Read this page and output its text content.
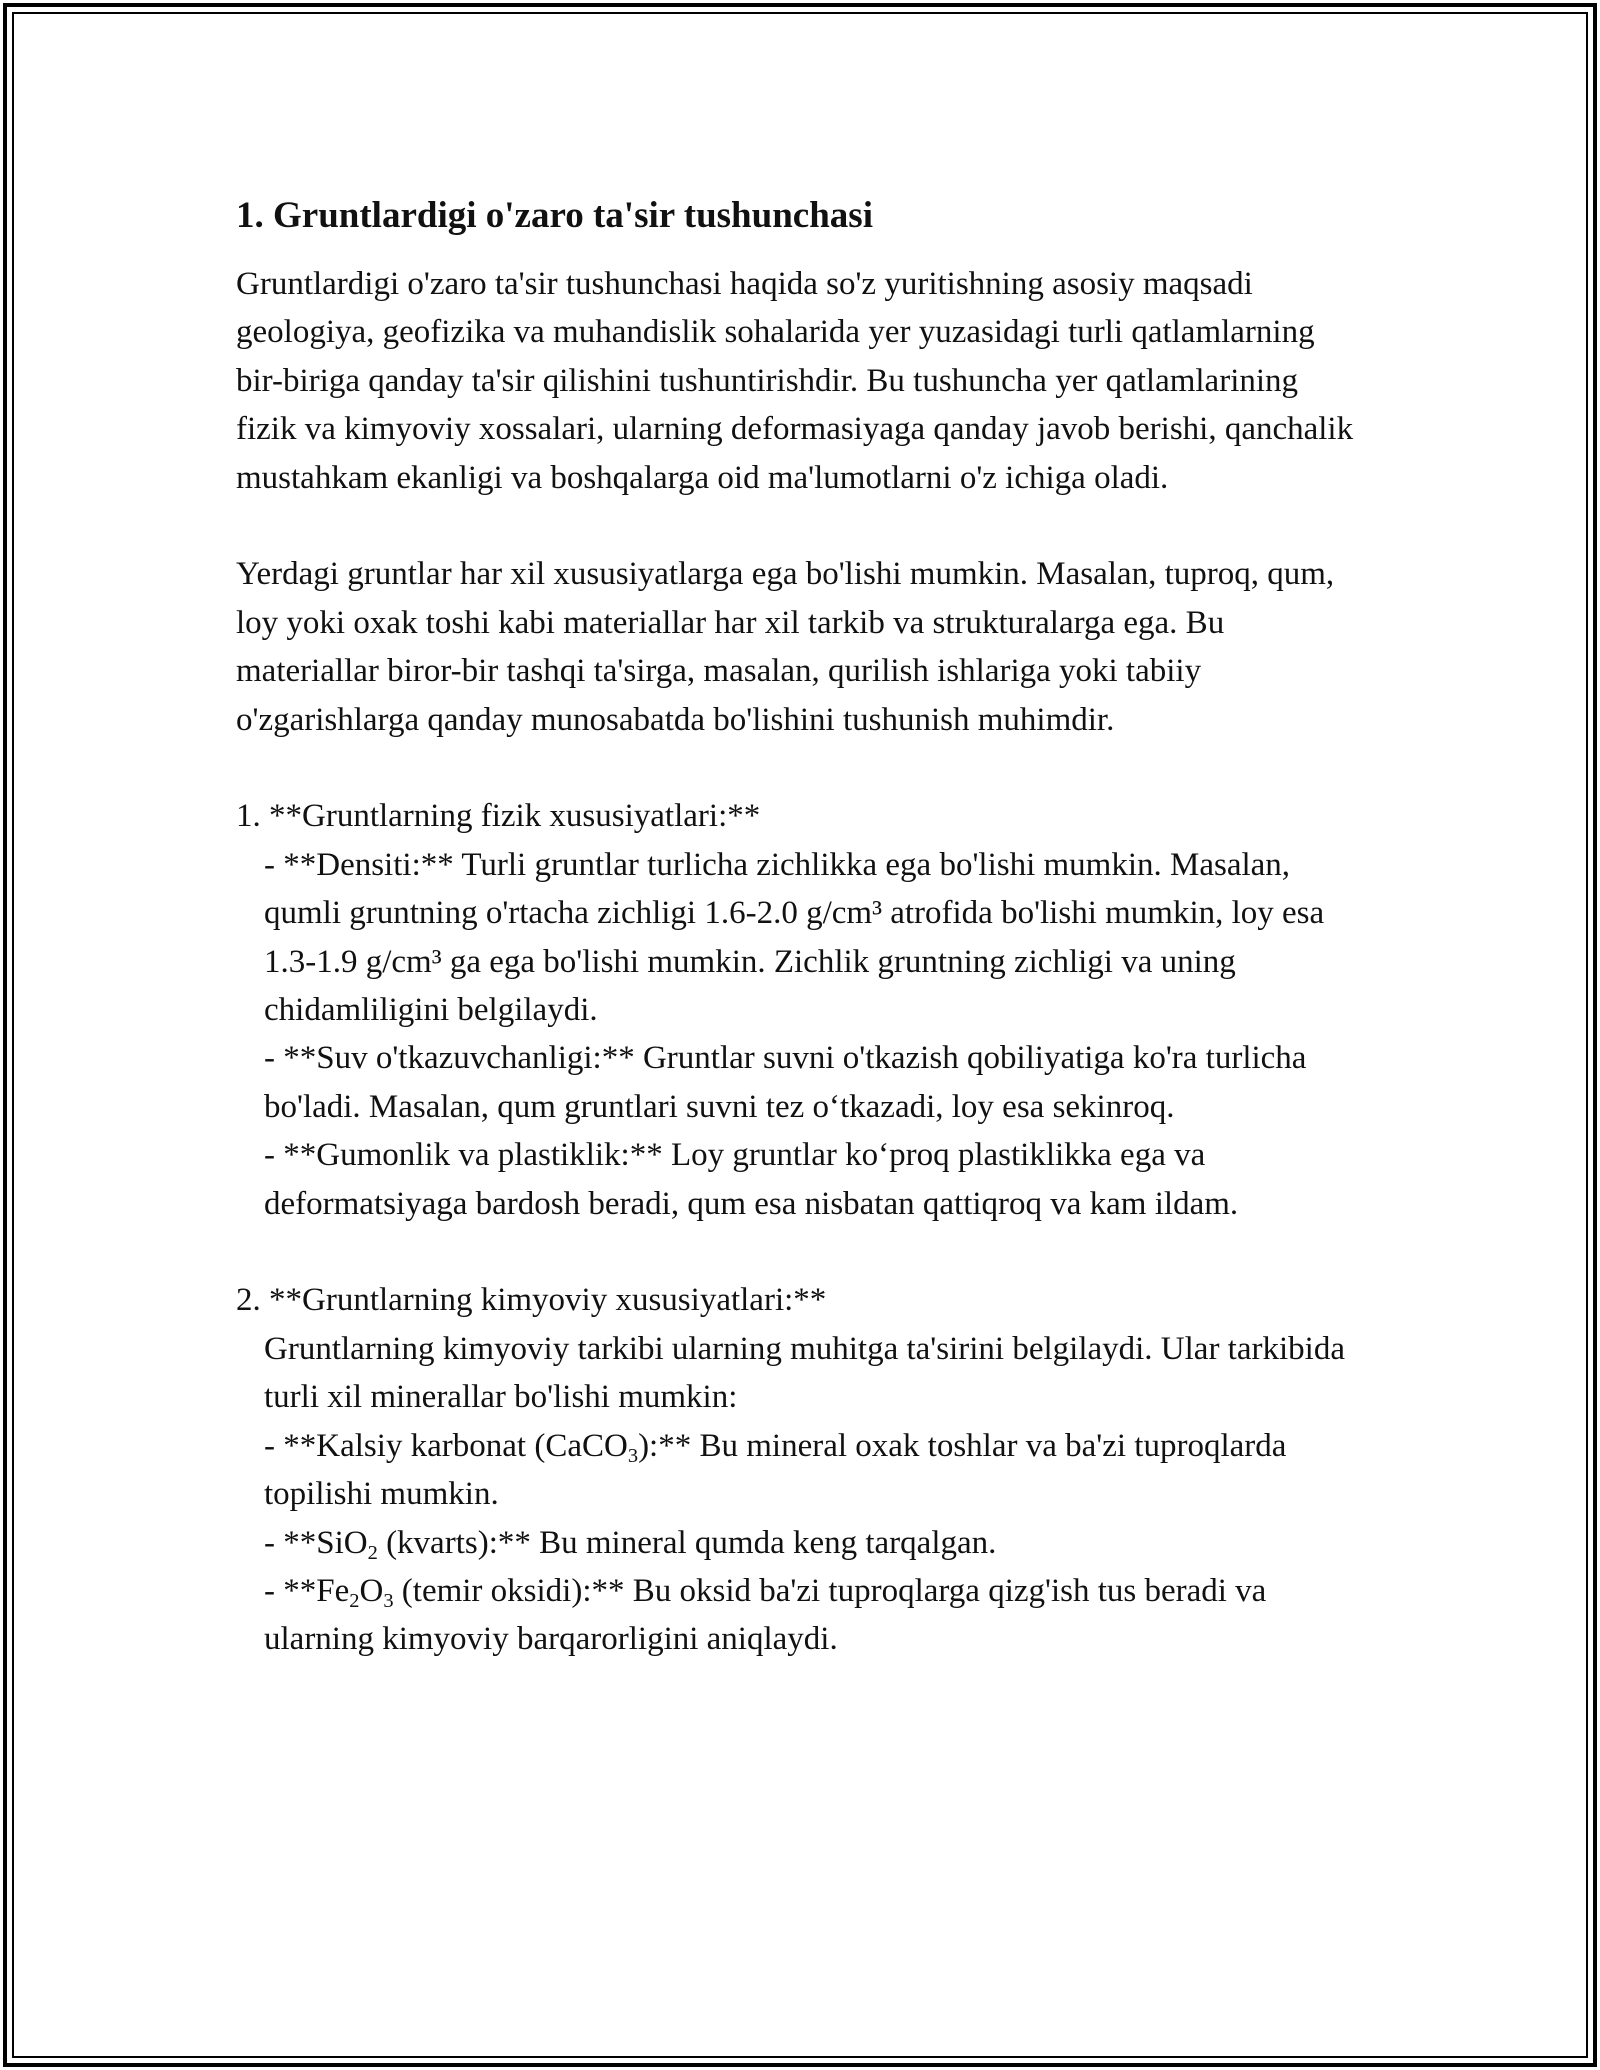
1. Gruntlardigi o'zaro ta'sir tushunchasi

Gruntlardigi o'zaro ta'sir tushunchasi haqida so'z yuritishning asosiy maqsadi geologiya, geofizika va muhandislik sohalarida yer yuzasidagi turli qatlamlarning bir-biriga qanday ta'sir qilishini tushuntirishdir. Bu tushuncha yer qatlamlarining fizik va kimyoviy xossalari, ularning deformasiyaga qanday javob berishi, qanchalik mustahkam ekanligi va boshqalarga oid ma'lumotlarni o'z ichiga oladi.

Yerdagi gruntlar har xil xususiyatlarga ega bo'lishi mumkin. Masalan, tuproq, qum, loy yoki oxak toshi kabi materiallar har xil tarkib va strukturalarga ega. Bu materiallar biror-bir tashqi ta'sirga, masalan, qurilish ishlariga yoki tabiiy o'zgarishlarga qanday munosabatda bo'lishini tushunish muhimdir.

1. **Gruntlarning fizik xususiyatlari:**

- **Densiti:** Turli gruntlar turlicha zichlikka ega bo'lishi mumkin. Masalan, qumli gruntning o'rtacha zichligi 1.6-2.0 g/cm³ atrofida bo'lishi mumkin, loy esa 1.3-1.9 g/cm³ ga ega bo'lishi mumkin. Zichlik gruntning zichligi va uning chidamliligini belgilaydi.

- **Suv o'tkazuvchanligi:** Gruntlar suvni o'tkazish qobiliyatiga ko'ra turlicha bo'ladi. Masalan, qum gruntlari suvni tez o‘tkazadi, loy esa sekinroq.

- **Gumonlik va plastiklik:** Loy gruntlar ko‘proq plastiklikka ega va deformatsiyaga bardosh beradi, qum esa nisbatan qattiqroq va kam ildam.

2. **Gruntlarning kimyoviy xususiyatlari:**

Gruntlarning kimyoviy tarkibi ularning muhitga ta'sirini belgilaydi. Ular tarkibida turli xil minerallar bo'lishi mumkin:

- **Kalsiy karbonat (CaCO$_3$):** Bu mineral oxak toshlar va ba'zi tuproqlarda topilishi mumkin.

- **SiO$_2$ (kvarts):** Bu mineral qumda keng tarqalgan.

- $**Fe_2O_3$ (temir oksidi):** Bu oksid ba'zi tuproqlarga qizg'ish tus beradi va ularning kimyoviy barqarorligini aniqlaydi.
